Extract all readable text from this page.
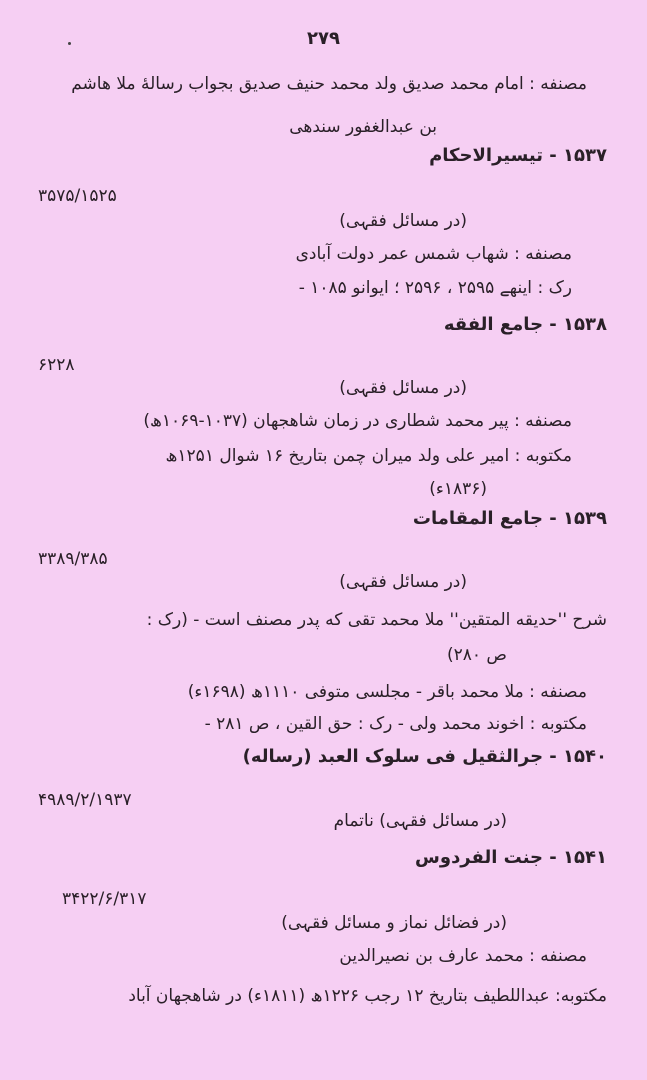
۲۷۹
مصنفه : امام محمد صدیق ولد محمد حنیف صدیق بجواب رسالهٔ ملا هاشم
بن عبدالغفور سندھی
۱۵۳۷ - تیسیرالاحکام
۳۵۷۵/۱۵۲۵
(در مسائل فقہی)
مصنفه : شهاب شمس عمر دولت آبادی
رک : اینھے ۲۵۹۵ ، ۲۵۹۶ ؛ ایوانو ۱۰۸۵ -
۱۵۳۸ - جامع الفقه
۶۲۲۸
(در مسائل فقہی)
مصنفه : پیر محمد شطاری در زمان شاهجهان (۱۰۳۷-۱۰۶۹ھ)
مکتوبه : امیر علی ولد میران چمن بتاریخ ۱۶ شوال ۱۲۵۱ھ
(۱۸۳۶ء)
۱۵۳۹ - جامع المقامات
۳۳۸۹/۳۸۵
(در مسائل فقہی)
شرح ''حدیقه المتقین'' ملا محمد تقی که پدر مصنف است - (رک :
ص ۲۸۰)
مصنفه : ملا محمد باقر - مجلسی متوفی ۱۱۱۰ھ (۱۶۹۸ء)
مکتوبه : اخوند محمد ولی - رک : حق القین ، ص ۲۸۱ -
۱۵۴۰ - جرالثقیل فی سلوک العبد (رساله)
۴۹۸۹/۲/۱۹۳۷
(در مسائل فقہی) ناتمام
۱۵۴۱ - جنت الفردوس
۳۴۲۲/۶/۳۱۷
(در فضائل نماز و مسائل فقہی)
مصنفه : محمد عارف بن نصیرالدین
مکتوبه: عبداللطیف بتاریخ ۱۲ رجب ۱۲۲۶ھ (۱۸۱۱ء) در شاهجهان آباد
